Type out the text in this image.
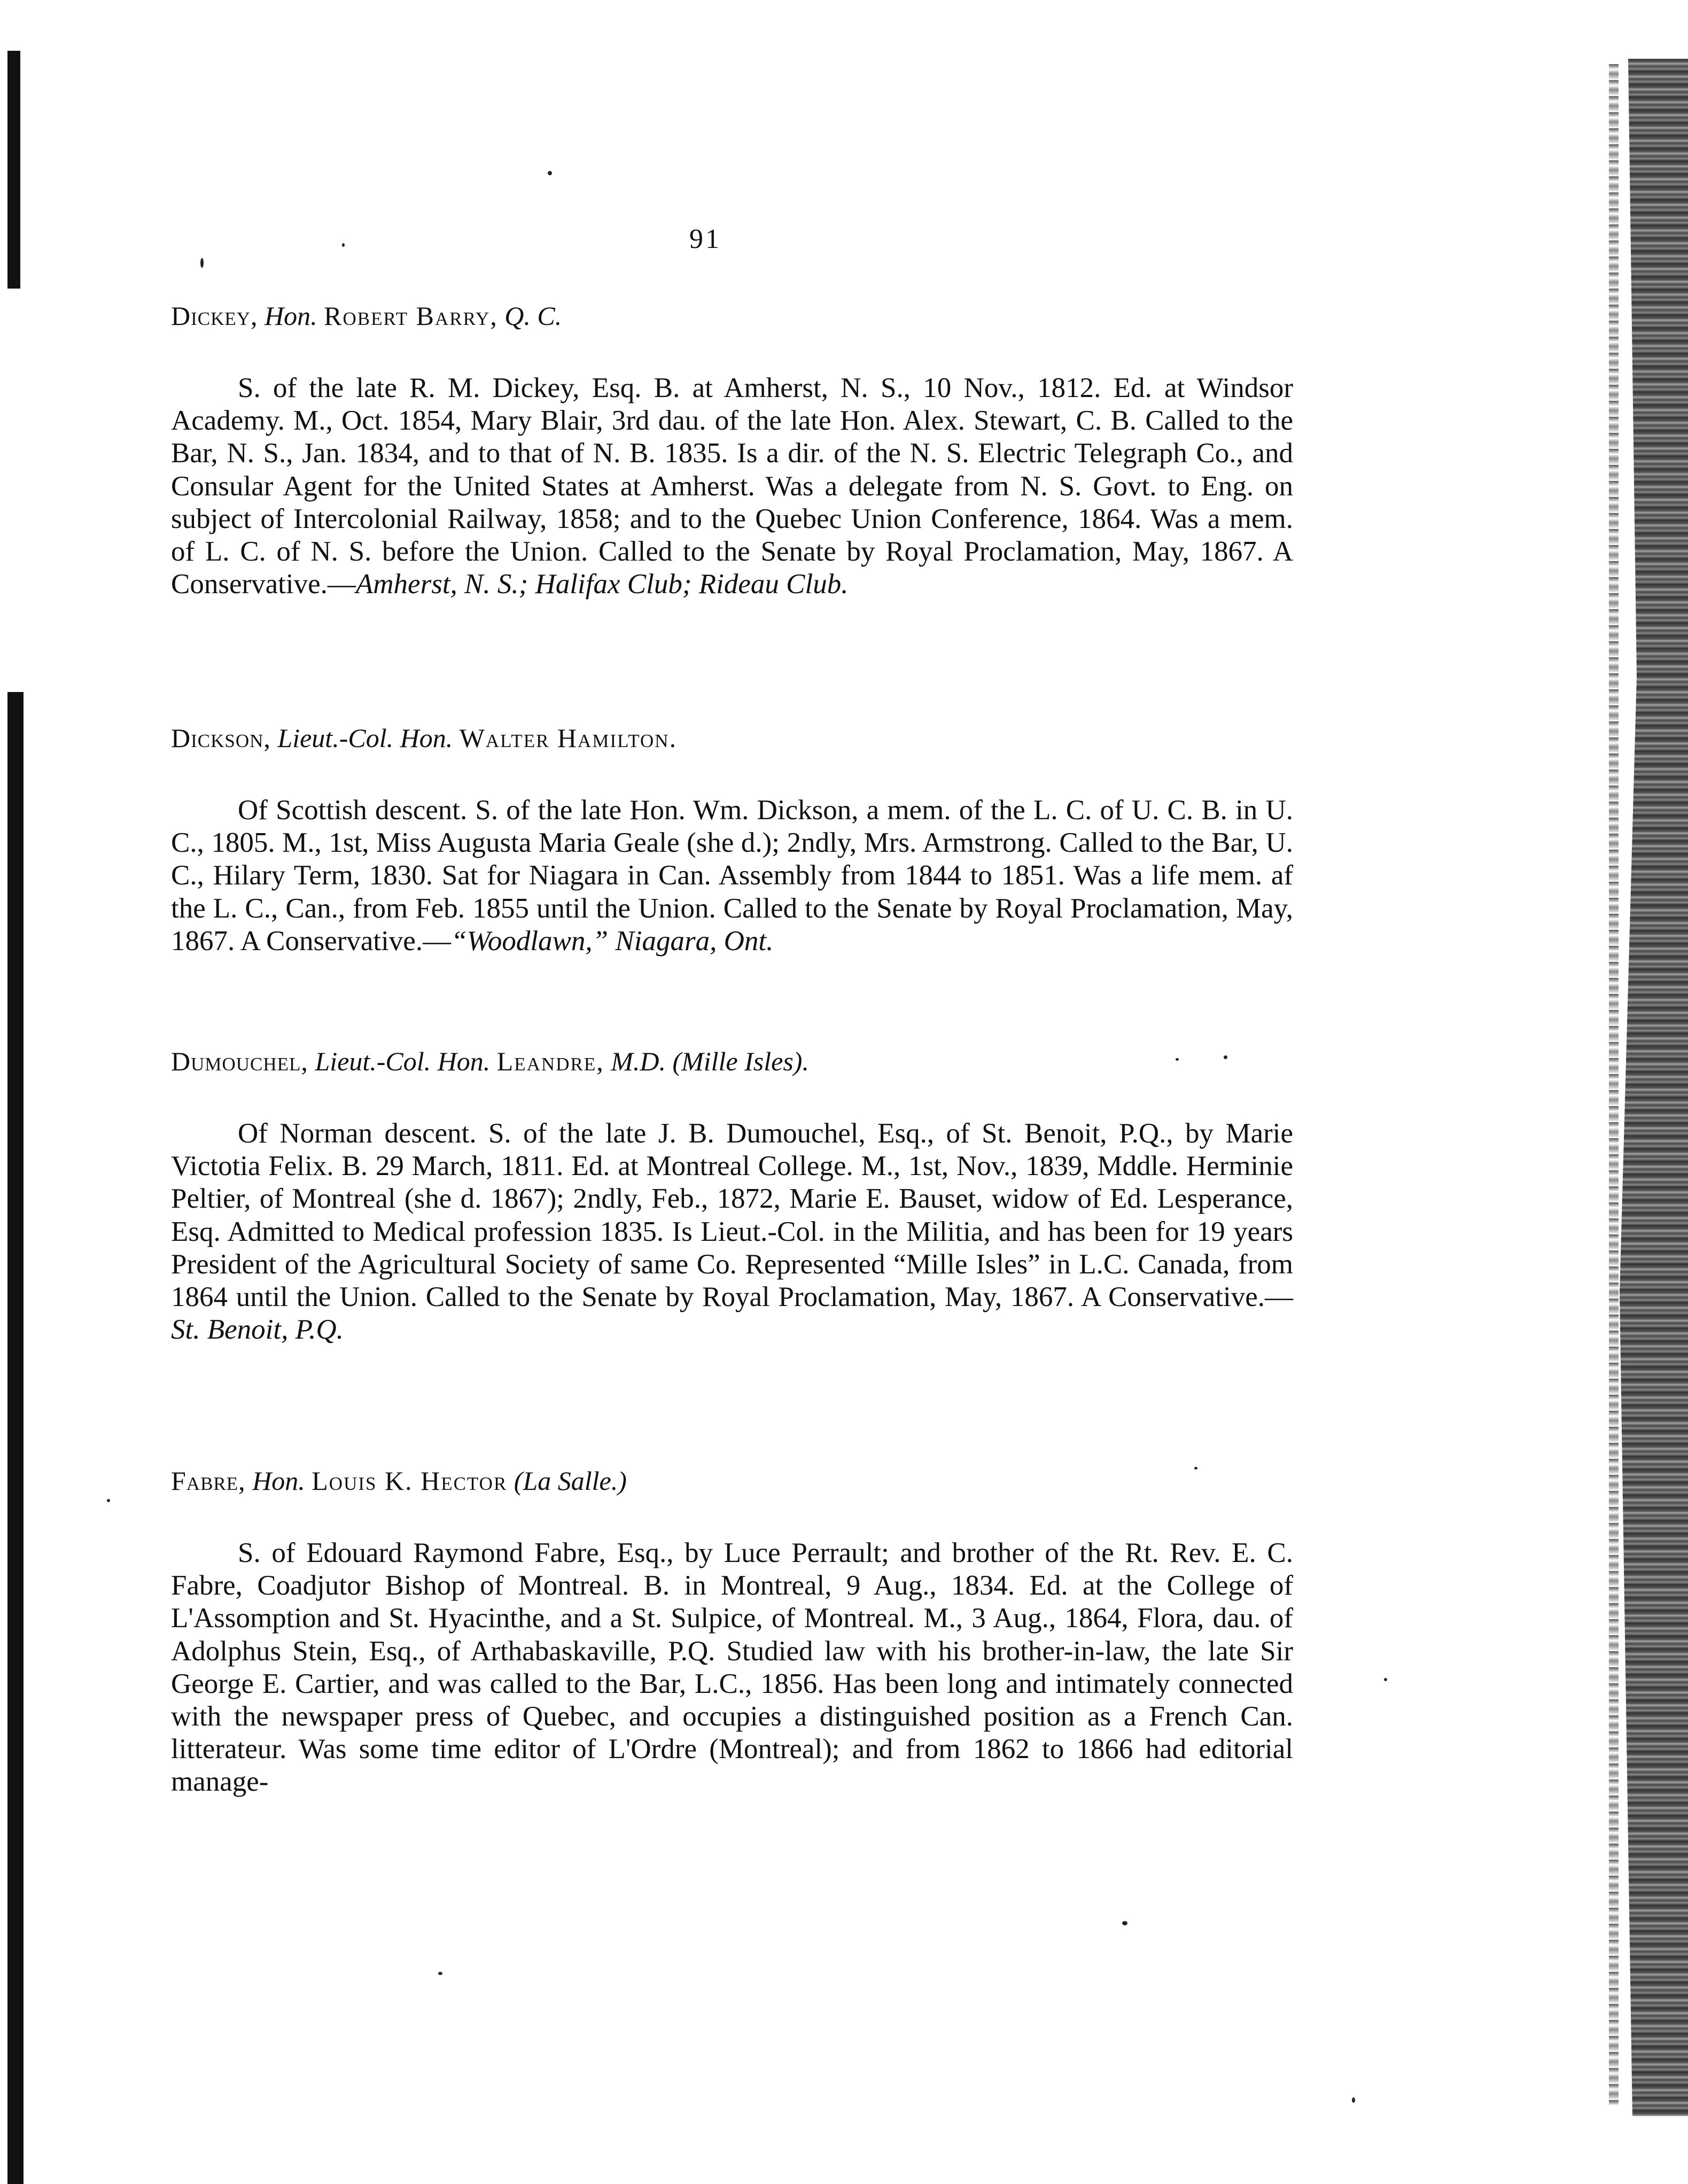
91

Dickey, Hon. Robert Barry, Q. C.

S. of the late R. M. Dickey, Esq. B. at Amherst, N. S., 10 Nov., 1812. Ed. at Windsor Academy. M., Oct. 1854, Mary Blair, 3rd dau. of the late Hon. Alex. Stewart, C. B. Called to the Bar, N. S., Jan. 1834, and to that of N. B. 1835. Is a dir. of the N. S. Electric Telegraph Co., and Consular Agent for the United States at Amherst. Was a delegate from N. S. Govt. to Eng. on subject of Intercolonial Railway, 1858; and to the Quebec Union Conference, 1864. Was a mem. of L. C. of N. S. before the Union. Called to the Senate by Royal Proclamation, May, 1867. A Conservative.—Amherst, N. S.; Halifax Club; Rideau Club.

Dickson, Lieut.-Col. Hon. Walter Hamilton.

Of Scottish descent. S. of the late Hon. Wm. Dickson, a mem. of the L. C. of U. C. B. in U. C., 1805. M., 1st, Miss Augusta Maria Geale (she d.); 2ndly, Mrs. Armstrong. Called to the Bar, U. C., Hilary Term, 1830. Sat for Niagara in Can. Assembly from 1844 to 1851. Was a life mem. af the L. C., Can., from Feb. 1855 until the Union. Called to the Senate by Royal Proclamation, May, 1867. A Conservative.—“Woodlawn,” Niagara, Ont.

Dumouchel, Lieut.-Col. Hon. Leandre, M.D. (Mille Isles).

Of Norman descent. S. of the late J. B. Dumouchel, Esq., of St. Benoit, P.Q., by Marie Victotia Felix. B. 29 March, 1811. Ed. at Montreal College. M., 1st, Nov., 1839, Mddle. Herminie Peltier, of Montreal (she d. 1867); 2ndly, Feb., 1872, Marie E. Bauset, widow of Ed. Lesperance, Esq. Admitted to Medical profession 1835. Is Lieut.-Col. in the Militia, and has been for 19 years President of the Agricultural Society of same Co. Represented “Mille Isles” in L.C. Canada, from 1864 until the Union. Called to the Senate by Royal Proclamation, May, 1867. A Conservative.—St. Benoit, P.Q.

Fabre, Hon. Louis K. Hector (La Salle.)

S. of Edouard Raymond Fabre, Esq., by Luce Perrault; and brother of the Rt. Rev. E. C. Fabre, Coadjutor Bishop of Montreal. B. in Montreal, 9 Aug., 1834. Ed. at the College of L'Assomption and St. Hyacinthe, and a St. Sulpice, of Montreal. M., 3 Aug., 1864, Flora, dau. of Adolphus Stein, Esq., of Arthabaskaville, P.Q. Studied law with his brother-in-law, the late Sir George E. Cartier, and was called to the Bar, L.C., 1856. Has been long and intimately connected with the newspaper press of Quebec, and occupies a distinguished position as a French Can. litterateur. Was some time editor of L'Ordre (Montreal); and from 1862 to 1866 had editorial manage-
